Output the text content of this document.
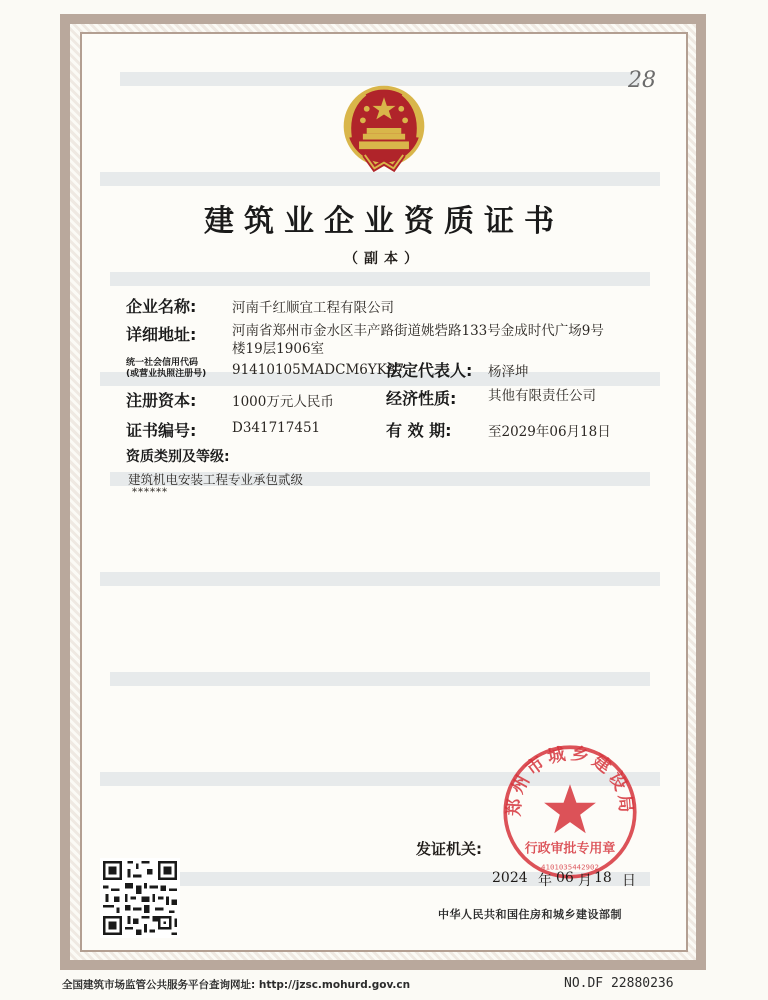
28
建筑业企业资质证书
（副本）
企业名称:	河南千红顺宜工程有限公司
详细地址:	河南省郑州市金水区丰产路街道姚砦路133号金成时代广场9号楼19层1906室
统一社会信用代码
(或营业执照注册号) 91410105MADCM6YK87
法定代表人: 杨泽坤
注册资本:	1000万元人民币	经济性质: 其他有限责任公司
证书编号:	D341717451	有 效 期:	至2029年06月18日
资质类别及等级:
建筑机电安装工程专业承包贰级
******
发证机关:
郑州市城乡建设局
行政审批专用章
4101035442902
2024 年 06 月 18 日
中华人民共和国住房和城乡建设部制
全国建筑市场监管公共服务平台查询网址: http://jzsc.mohurd.gov.cn	NO.DF 22880236
